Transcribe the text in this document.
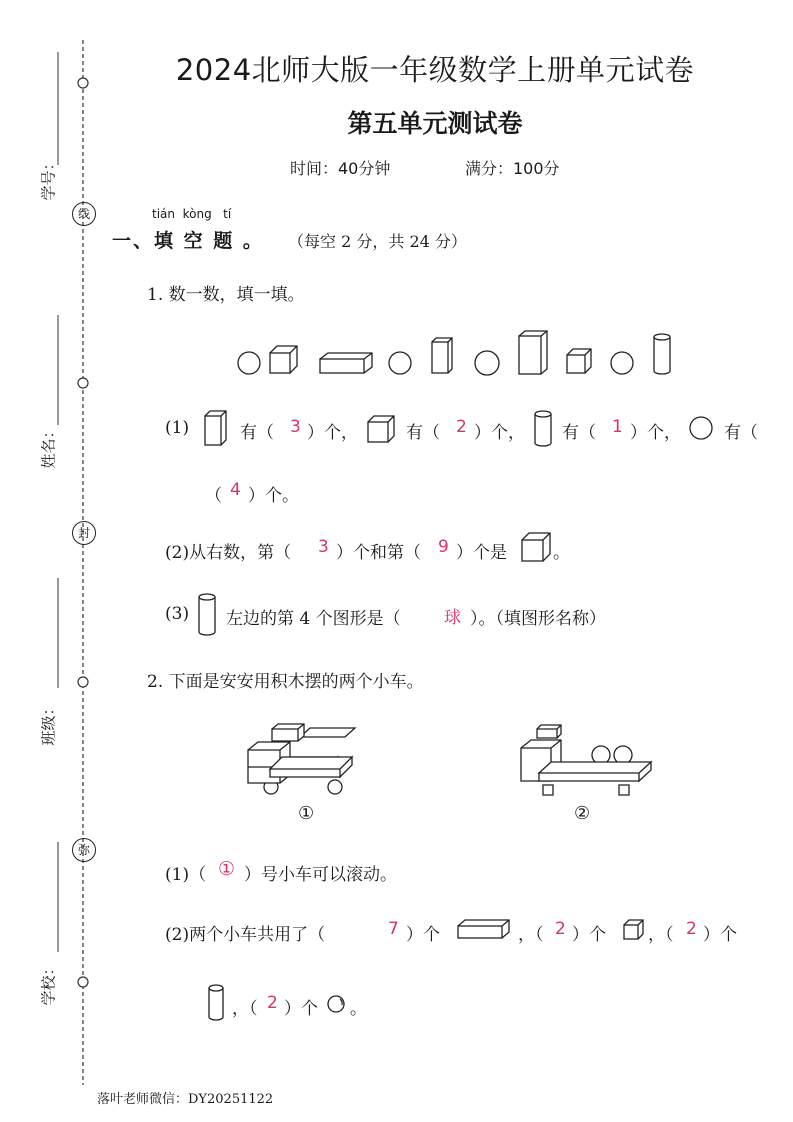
学号：
姓名：
班级：
学校：
线
封
弥
2024北师大版一年级数学上册单元试卷
第五单元测试卷
时间：40分钟	满分：100分
tián  kòng   tí
一、填 空 题 。 （每空 2 分，共 24 分）
1. 数一数，填一填。
(1)	有（ 3 ）个，	有（ 2 ）个， 有（ 1 ）个，	有（
（ 4 ）个。
(2)从右数，第（ 3 ）个和第（ 9 ）个是	。
(3) 左边的第 4 个图形是（	球 ）。（填图形名称）
2. 下面是安安用积木摆的两个小车。
①	②
(1)（ ① ）号小车可以滚动。
(2)两个小车共用了（	7 ）个	，（ 2 ）个 ，（ 2 ）个
，（ 2 ）个 。
落叶老师微信：DY20251122
